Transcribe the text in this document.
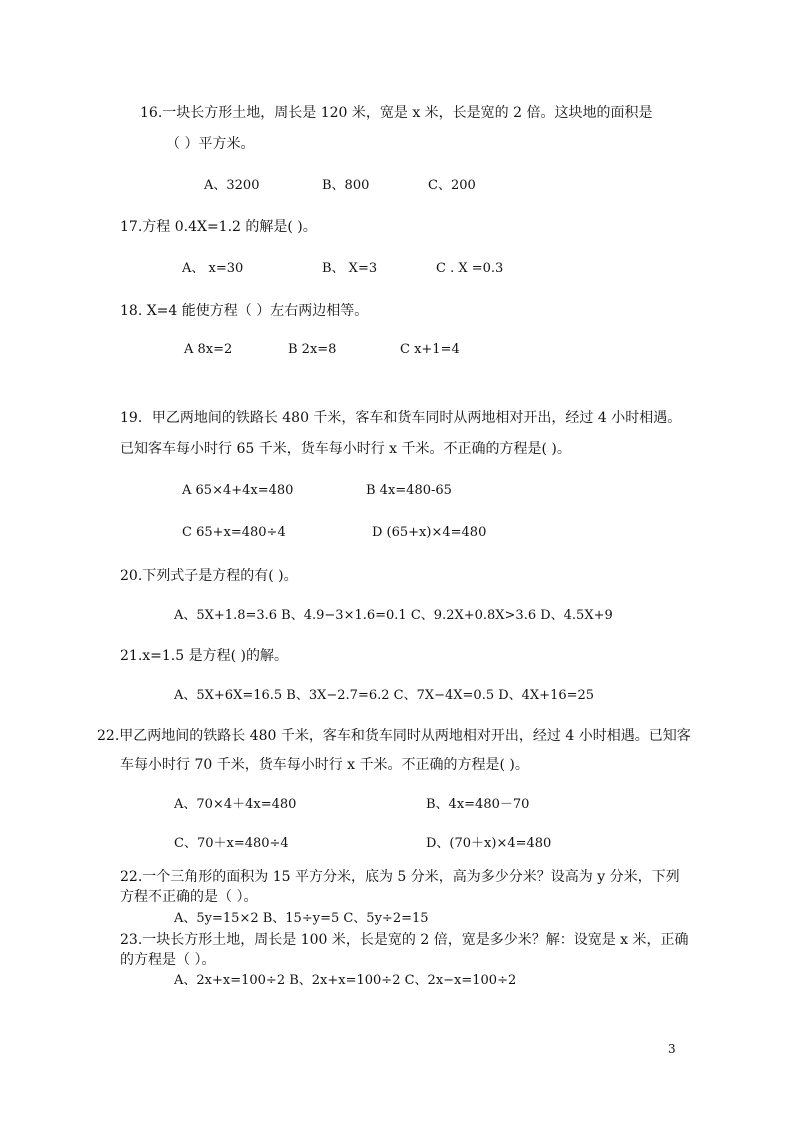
16.一块长方形土地，周长是 120 米，宽是 x 米，长是宽的 2 倍。这块地的面积是
（ ）平方米。
A、3200	B、800	C、200
17.方程 0.4X=1.2 的解是( )。
A、 x=30	B、 X=3	C . X =0.3
18. X=4 能使方程（ ）左右两边相等。
A 8x=2	B 2x=8	C x+1=4
19．甲乙两地间的铁路长 480 千米，客车和货车同时从两地相对开出，经过 4 小时相遇。
已知客车每小时行 65 千米，货车每小时行 x 千米。不正确的方程是( )。
A 65×4+4x=480	B 4x=480-65
C 65+x=480÷4	D (65+x)×4=480
20.下列式子是方程的有( )。
A、5X+1.8=3.6 B、4.9−3×1.6=0.1 C、9.2X+0.8X>3.6 D、4.5X+9
21.x=1.5 是方程( )的解。
A、5X+6X=16.5 B、3X−2.7=6.2 C、7X−4X=0.5 D、4X+16=25
22.甲乙两地间的铁路长 480 千米，客车和货车同时从两地相对开出，经过 4 小时相遇。已知客
车每小时行 70 千米，货车每小时行 x 千米。不正确的方程是( )。
A、70×4＋4x=480	B、4x=480－70
C、70＋x=480÷4	D、(70＋x)×4=480
22.一个三角形的面积为 15 平方分米，底为 5 分米，高为多少分米？设高为 y 分米，下列
方程不正确的是（ ）。
A、5y=15×2 B、15÷y=5 C、5y÷2=15
23.一块长方形土地，周长是 100 米，长是宽的 2 倍，宽是多少米？解：设宽是 x 米，正确
的方程是（ ）。
A、2x+x=100÷2 B、2x+x=100÷2 C、2x−x=100÷2
3
